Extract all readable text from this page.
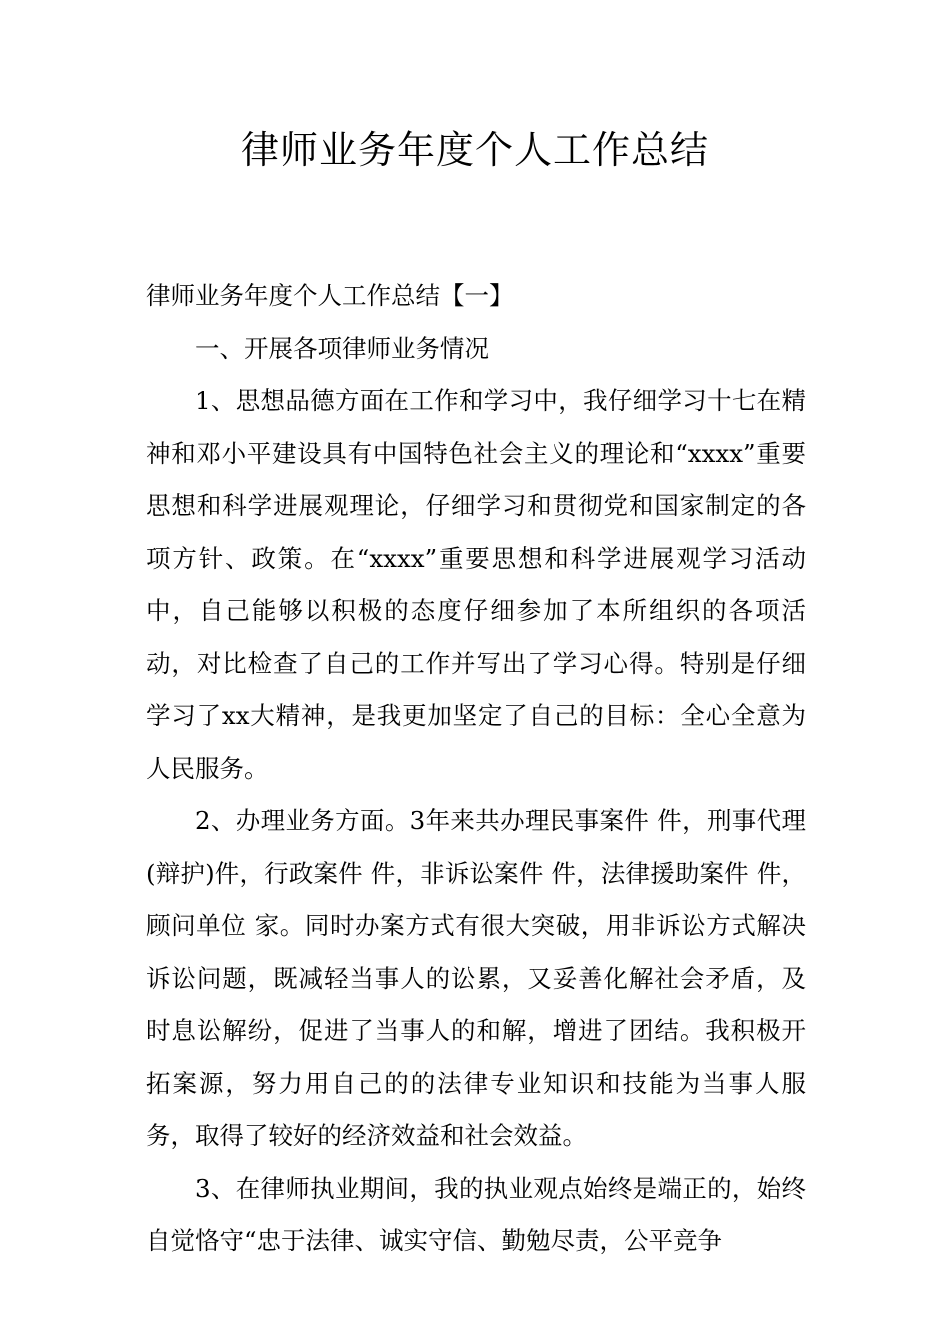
律师业务年度个人工作总结

律师业务年度个人工作总结【一】

一、开展各项律师业务情况

1、思想品德方面在工作和学习中，我仔细学习十七在精神和邓小平建设具有中国特色社会主义的理论和“xxxx”重要思想和科学进展观理论，仔细学习和贯彻党和国家制定的各项方针、政策。在“xxxx”重要思想和科学进展观学习活动中，自己能够以积极的态度仔细参加了本所组织的各项活动，对比检查了自己的工作并写出了学习心得。特别是仔细学习了xx大精神，是我更加坚定了自己的目标：全心全意为人民服务。

2、办理业务方面。3年来共办理民事案件 件，刑事代理(辩护)件，行政案件 件，非诉讼案件 件，法律援助案件 件，顾问单位 家。同时办案方式有很大突破，用非诉讼方式解决诉讼问题，既减轻当事人的讼累，又妥善化解社会矛盾，及时息讼解纷，促进了当事人的和解，增进了团结。我积极开拓案源，努力用自己的的法律专业知识和技能为当事人服务，取得了较好的经济效益和社会效益。

3、在律师执业期间，我的执业观点始终是端正的，始终自觉恪守“忠于法律、诚实守信、勤勉尽责，公平竞争
